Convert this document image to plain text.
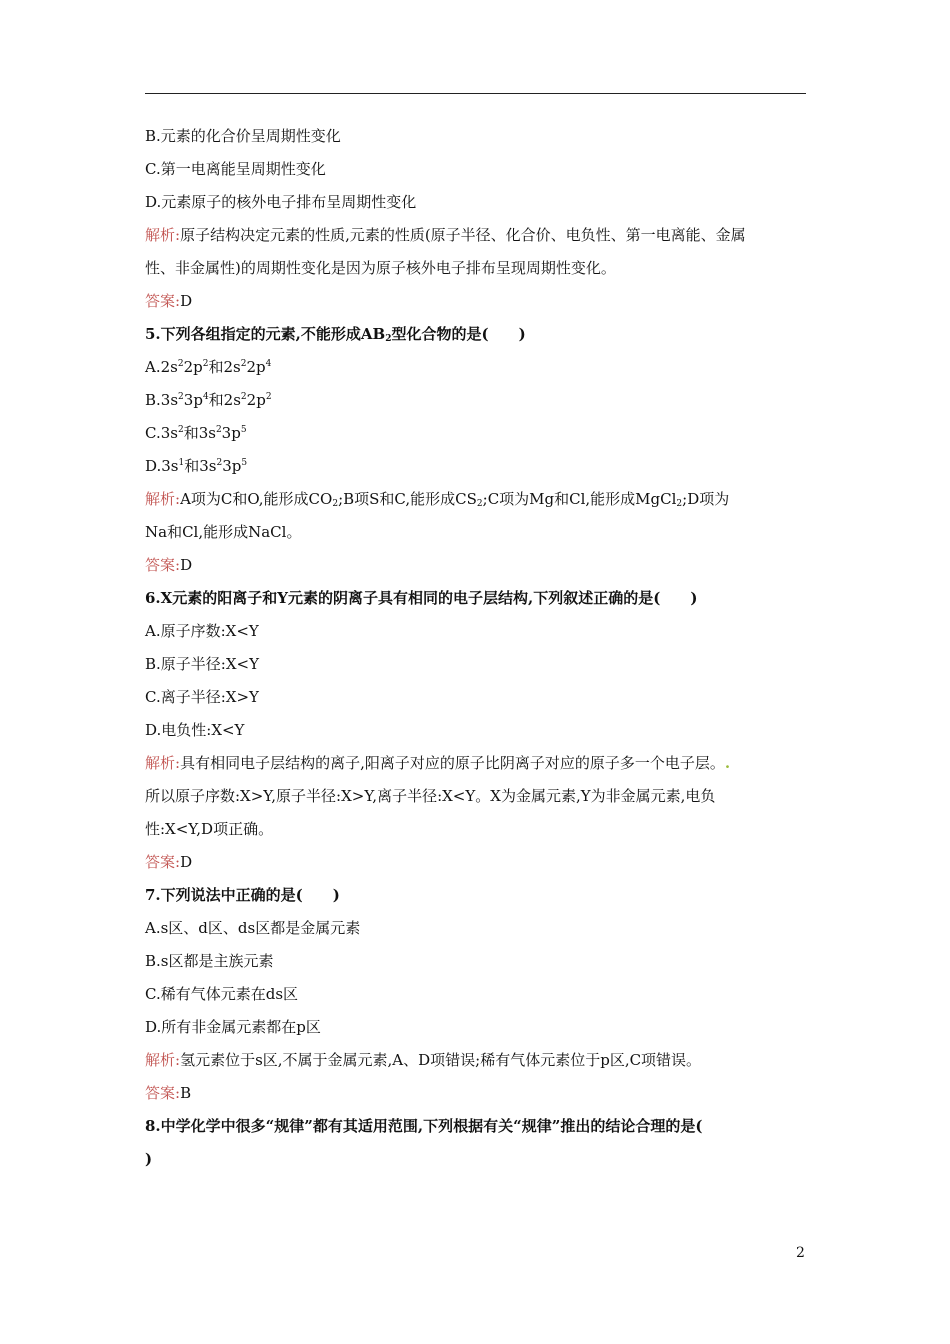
B.元素的化合价呈周期性变化
C.第一电离能呈周期性变化
D.元素原子的核外电子排布呈周期性变化
解析:原子结构决定元素的性质,元素的性质(原子半径、化合价、电负性、第一电离能、金属
性、非金属性)的周期性变化是因为原子核外电子排布呈现周期性变化。
答案:D
5.下列各组指定的元素,不能形成$AB_2$型化合物的是(　　)
$A.2s^22p^2$和$2s^22p^4$
$B.3s^23p^4$和$2s^22p^2$
$C.3s^2$和$3s^23p^5$
$D.3s^1$和$3s^23p^5$
解析:A项为C和O,能形成$CO_2;B$项S和C,能形成$CS_2;C$项为Mg和Cl,能形成MgCl$_2$;D项为
Na和Cl,能形成NaCl。
答案:D
6.X元素的阳离子和Y元素的阴离子具有相同的电子层结构,下列叙述正确的是(　　)
A.原子序数:X<Y
B.原子半径:X<Y
C.离子半径:X>Y
D.电负性:X<Y
解析:具有相同电子层结构的离子,阳离子对应的原子比阴离子对应的原子多一个电子层。.
所以原子序数:X>Y,原子半径:X>Y,离子半径:X<Y。X为金属元素,Y为非金属元素,电负
性:X<Y,D项正确。
答案:D
7.下列说法中正确的是(　　)
A.s区、d区、ds区都是金属元素
B.s区都是主族元素
C.稀有气体元素在ds区
D.所有非金属元素都在p区
解析:氢元素位于s区,不属于金属元素,A、D项错误;稀有气体元素位于p区,C项错误。
答案:B
8.中学化学中很多“规律”都有其适用范围,下列根据有关“规律”推出的结论合理的是(
)
2
